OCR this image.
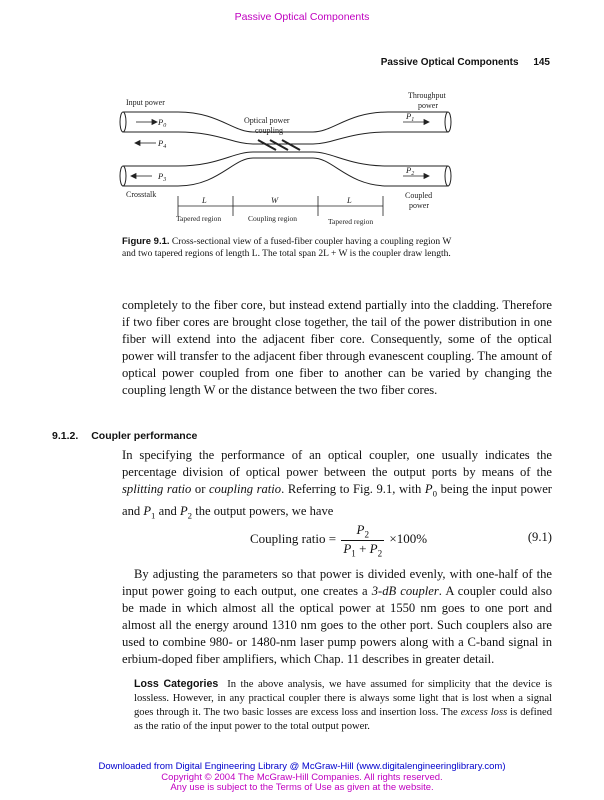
Passive Optical Components
Passive Optical Components 145
Input power
Throughput
power
$P_0$
$P_4$
$P_1$
$P_3$
$P_2$
Optical power
coupling
Crosstalk	Coupled
power
L	W	L
Tapered region	Coupling region	Tapered region
Figure 9.1. Cross-sectional view of a fused-fiber coupler having a coupling region W and two tapered regions of length L. The total span 2L + W is the coupler draw length.
completely to the fiber core, but instead extend partially into the cladding. Therefore if two fiber cores are brought close together, the tail of the power distribution in one fiber will extend into the adjacent fiber core. Consequently, some of the optical power will transfer to the adjacent fiber through evanescent coupling. The amount of optical power coupled from one fiber to another can be varied by changing the coupling length W or the distance between the two fiber cores.
9.1.2. Coupler performance
In specifying the performance of an optical coupler, one usually indicates the percentage division of optical power between the output ports by means of the splitting ratio or coupling ratio. Referring to Fig. 9.1, with $P_0$ being the input power and $P_1$ and $P_2$ the output powers, we have
Coupling ratio = $\frac{P_2}{P_1 + P_2} \times 100\%$	(9.1)
By adjusting the parameters so that power is divided evenly, with one-half of the input power going to each output, one creates a 3-dB coupler. A coupler could also be made in which almost all the optical power at 1550 nm goes to one port and almost all the energy around 1310 nm goes to the other port. Such couplers also are used to combine 980- or 1480-nm laser pump powers along with a C-band signal in erbium-doped fiber amplifiers, which Chap. 11 describes in greater detail.
Loss Categories In the above analysis, we have assumed for simplicity that the device is lossless. However, in any practical coupler there is always some light that is lost when a signal goes through it. The two basic losses are excess loss and insertion loss. The excess loss is defined as the ratio of the input power to the total output power.
Downloaded from Digital Engineering Library @ McGraw-Hill (www.digitalengineeringlibrary.com)
Copyright © 2004 The McGraw-Hill Companies. All rights reserved.
Any use is subject to the Terms of Use as given at the website.
